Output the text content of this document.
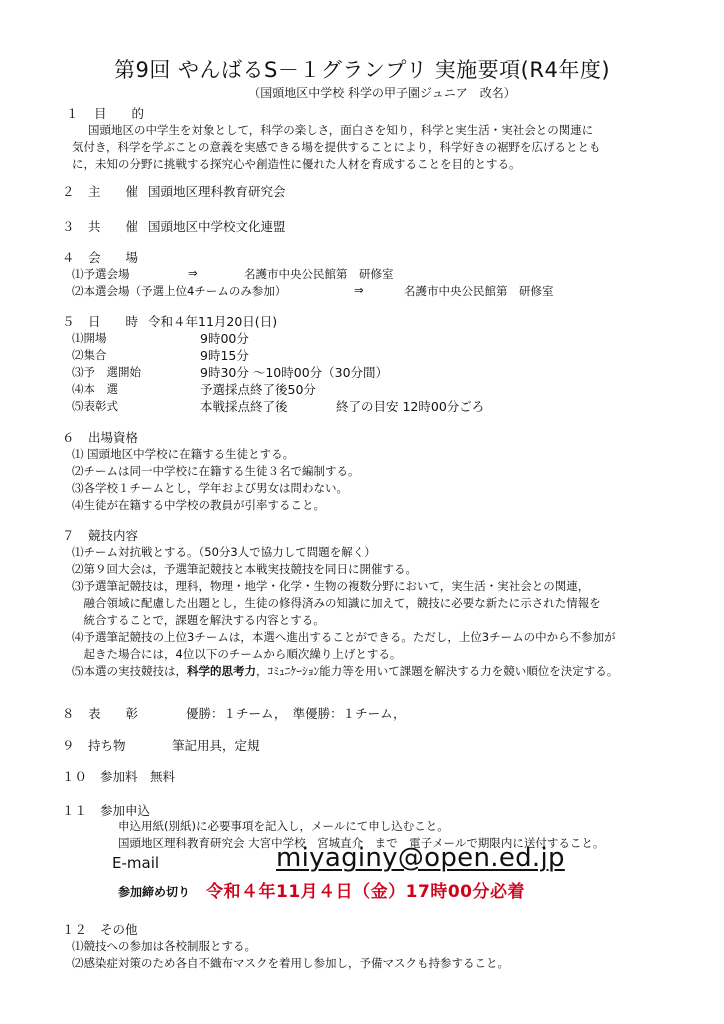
第9回 やんばるS－１グランプリ 実施要項(R4年度)
（国頭地区中学校 科学の甲子園ジュニア　改名）
１ 目　　的
国頭地区の中学生を対象として，科学の楽しさ，面白さを知り，科学と実生活・実社会との関連に
気付き，科学を学ぶことの意義を実感できる場を提供することにより，科学好きの裾野を広げるととも
に，未知の分野に挑戦する探究心や創造性に優れた人材を育成することを目的とする。
２ 主　　催 国頭地区理科教育研究会
３ 共　　催 国頭地区中学校文化連盟
４ 会　　場
⑴予選会場	⇒	名護市中央公民館第　研修室
⑵本選会場（予選上位4チームのみ参加）	⇒	名護市中央公民館第　研修室
５ 日　　時 令和４年11月20日(日)
⑴開場	9時00分
⑵集合	9時15分
⑶予　選開始	9時30分 ～10時00分（30分間）
⑷本　選	予選採点終了後50分
⑸表彰式	本戦採点終了後	終了の目安 12時00分ごろ
６ 出場資格
⑴ 国頭地区中学校に在籍する生徒とする。
⑵チームは同一中学校に在籍する生徒３名で編制する。
⑶各学校１チームとし，学年および男女は問わない。
⑷生徒が在籍する中学校の教員が引率すること。
７ 競技内容
⑴チーム対抗戦とする。（50分3人で協力して問題を解く）
⑵第９回大会は，予選筆記競技と本戦実技競技を同日に開催する。
⑶予選筆記競技は，理科，物理・地学・化学・生物の複数分野において，実生活・実社会との関連，
　融合領域に配慮した出題とし，生徒の修得済みの知識に加えて，競技に必要な新たに示された情報を
　統合することで，課題を解決する内容とする。
⑷予選筆記競技の上位3チームは，本選へ進出することができる。ただし，上位3チームの中から不参加が
　起きた場合には，4位以下のチームから順次繰り上げとする。
⑸本選の実技競技は，科学的思考力，ｺﾐｭﾆｹｰｼｮﾝ能力等を用いて課題を解決する力を競い順位を決定する。
８ 表　　彰	優勝：１チーム，　準優勝：１チーム，
９ 持ち物	筆記用具，定規
１０ 参加料 無料
１１ 参加申込
申込用紙(別紙)に必要事項を記入し，メールにて申し込むこと。
国頭地区理科教育研究会 大宮中学校　宮城直介　まで　電子メールで期限内に送付すること。
E-mail	miyaginy@open.ed.jp
参加締め切り 令和４年11月４日（金）17時00分必着
１２ その他
⑴競技への参加は各校制服とする。
⑵感染症対策のため各自不織布マスクを着用し参加し，予備マスクも持参すること。
